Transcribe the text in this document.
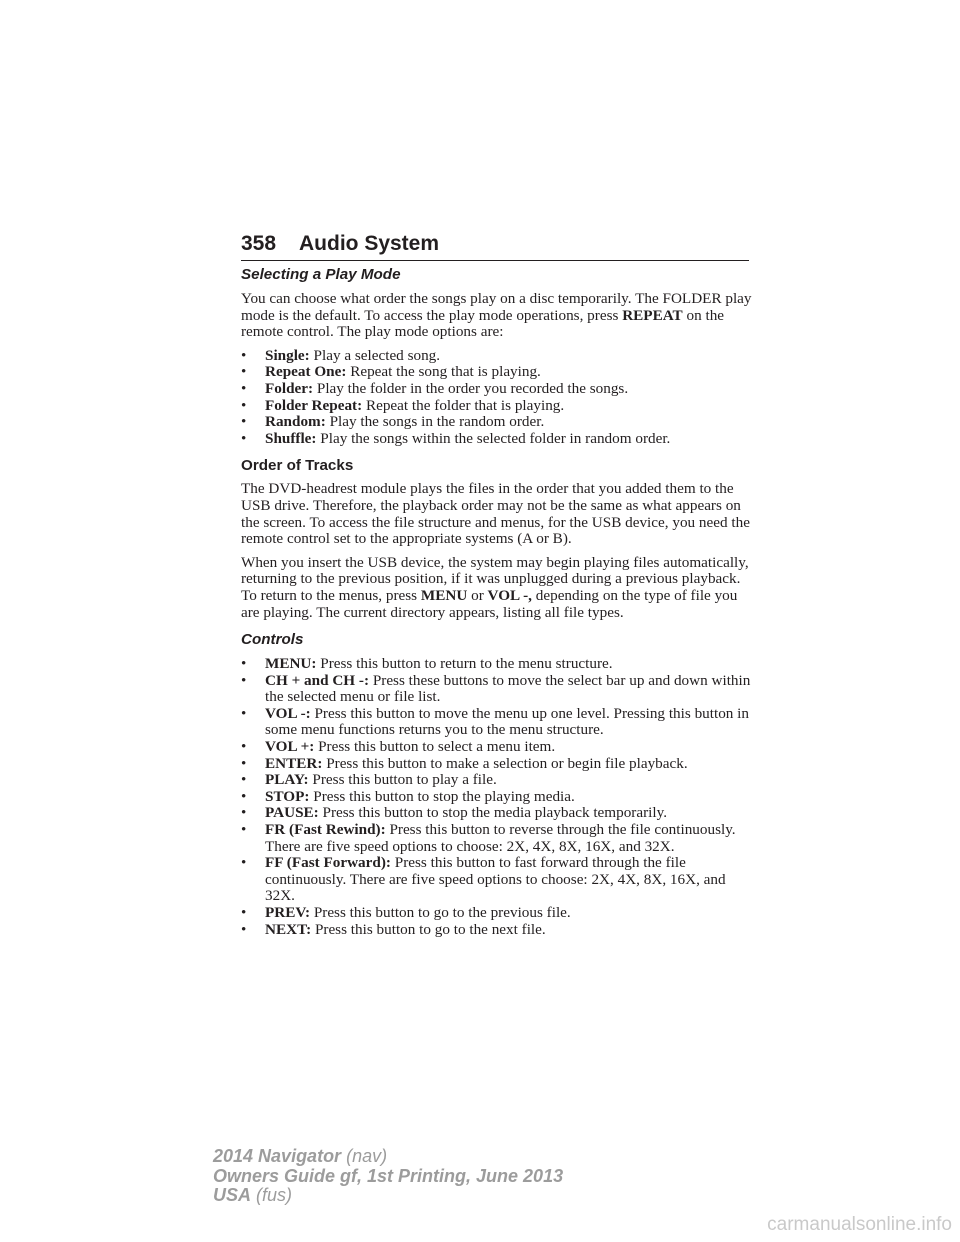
358 Audio System
Selecting a Play Mode

You can choose what order the songs play on a disc temporarily. The FOLDER play mode is the default. To access the play mode operations, press REPEAT on the remote control. The play mode options are:

•	Single: Play a selected song.
•	Repeat One: Repeat the song that is playing.
•	Folder: Play the folder in the order you recorded the songs.
•	Folder Repeat: Repeat the folder that is playing.
•	Random: Play the songs in the random order.
•	Shuffle: Play the songs within the selected folder in random order.
Order of Tracks

The DVD-headrest module plays the files in the order that you added them to the USB drive. Therefore, the playback order may not be the same as what appears on the screen. To access the file structure and menus, for the USB device, you need the remote control set to the appropriate systems (A or B).

When you insert the USB device, the system may begin playing files automatically, returning to the previous position, if it was unplugged during a previous playback. To return to the menus, press MENU or VOL -, depending on the type of file you are playing. The current directory appears, listing all file types.

Controls
•	MENU: Press this button to return to the menu structure.
•	CH + and CH -: Press these buttons to move the select bar up and down within the selected menu or file list.
•	VOL -: Press this button to move the menu up one level. Pressing this button in some menu functions returns you to the menu structure.
•	VOL +: Press this button to select a menu item.
•	ENTER: Press this button to make a selection or begin file playback.
•	PLAY: Press this button to play a file.
•	STOP: Press this button to stop the playing media.
•	PAUSE: Press this button to stop the media playback temporarily.
•	FR (Fast Rewind): Press this button to reverse through the file continuously. There are five speed options to choose: 2X, 4X, 8X, 16X, and 32X.
•	FF (Fast Forward): Press this button to fast forward through the file continuously. There are five speed options to choose: 2X, 4X, 8X, 16X, and 32X.
•	PREV: Press this button to go to the previous file.
•	NEXT: Press this button to go to the next file.
2014 Navigator (nav)
Owners Guide gf, 1st Printing, June 2013
USA (fus)
carmanualsonline.info
